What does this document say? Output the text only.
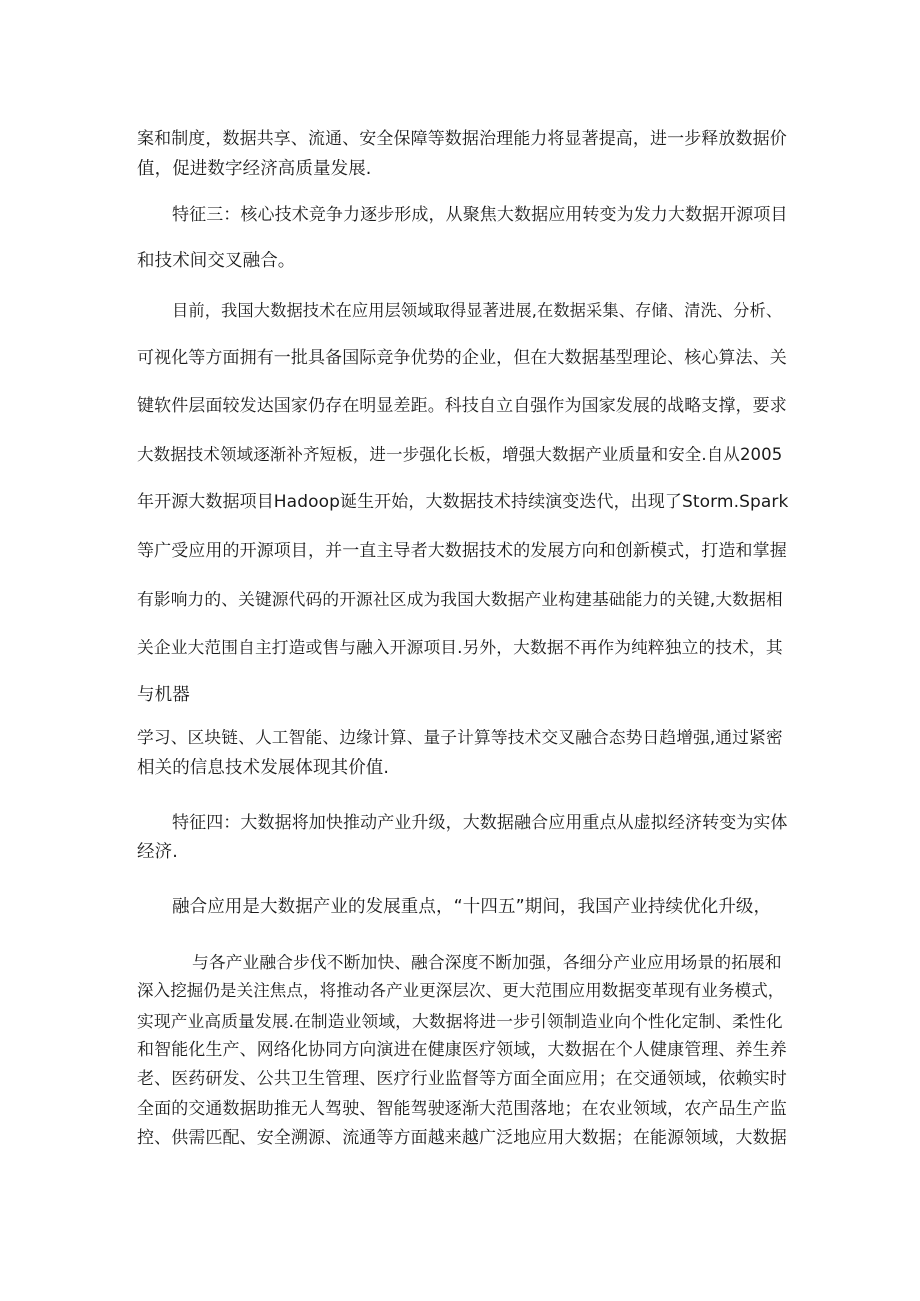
案和制度，数据共享、流通、安全保障等数据治理能力将显著提高，进一步释放数据价
值，促进数字经济高质量发展.
特征三：核心技术竞争力逐步形成，从聚焦大数据应用转变为发力大数据开源项目
和技术间交叉融合。
目前，我国大数据技术在应用层领域取得显著进展,在数据采集、存储、清洗、分析、
可视化等方面拥有一批具备国际竞争优势的企业，但在大数据基型理论、核心算法、关
键软件层面较发达国家仍存在明显差距。科技自立自强作为国家发展的战略支撑，要求
大数据技术领域逐渐补齐短板，进一步强化长板，增强大数据产业质量和安全.自从2005
年开源大数据项目Hadoop诞生开始，大数据技术持续演变迭代，出现了Storm.Spark
等广受应用的开源项目，并一直主导者大数据技术的发展方向和创新模式，打造和掌握
有影响力的、关键源代码的开源社区成为我国大数据产业构建基础能力的关键,大数据相
关企业大范围自主打造或售与融入开源项目.另外，大数据不再作为纯粹独立的技术，其
与机器
学习、区块链、人工智能、边缘计算、量子计算等技术交叉融合态势日趋增强,通过紧密
相关的信息技术发展体现其价值.
特征四：大数据将加快推动产业升级，大数据融合应用重点从虚拟经济转变为实体
经济.
融合应用是大数据产业的发展重点，“十四五”期间，我国产业持续优化升级，
与各产业融合步伐不断加快、融合深度不断加强，各细分产业应用场景的拓展和
深入挖掘仍是关注焦点，将推动各产业更深层次、更大范围应用数据变革现有业务模式，
实现产业高质量发展.在制造业领域，大数据将进一步引领制造业向个性化定制、柔性化
和智能化生产、网络化协同方向演进在健康医疗领域，大数据在个人健康管理、养生养
老、医药研发、公共卫生管理、医疗行业监督等方面全面应用；在交通领域，依赖实时
全面的交通数据助推无人驾驶、智能驾驶逐渐大范围落地；在农业领域，农产品生产监
控、供需匹配、安全溯源、流通等方面越来越广泛地应用大数据；在能源领域，大数据
